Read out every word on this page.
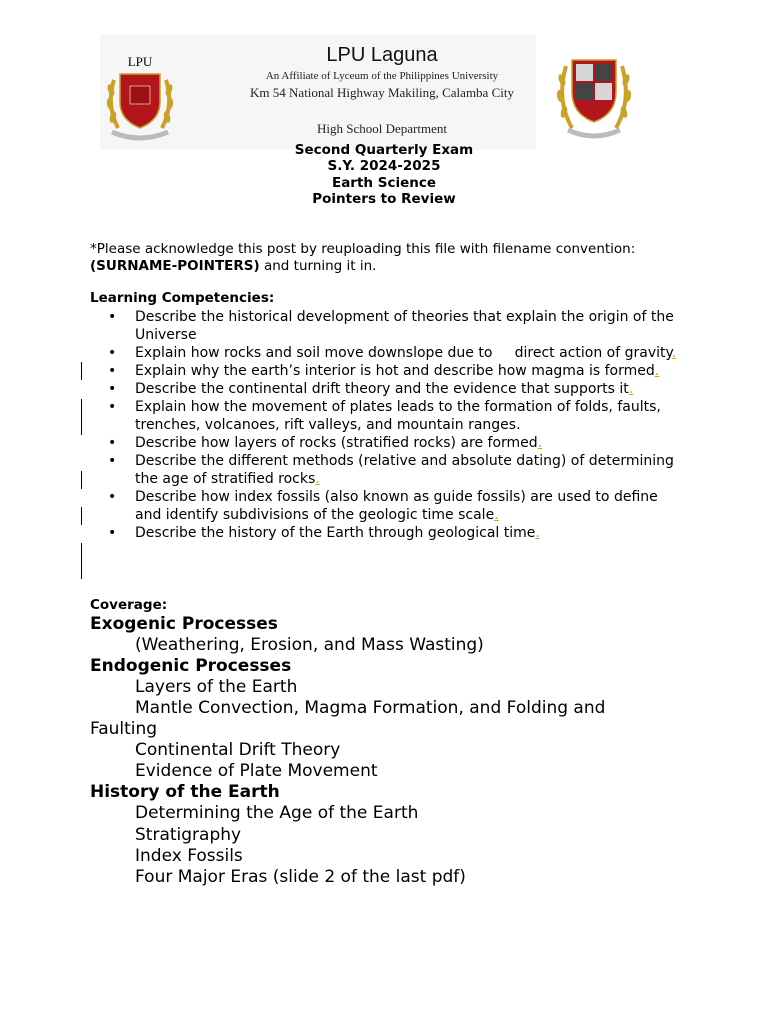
LPU	LPU Laguna
An Affiliate of Lyceum of the Philippines University
Km 54 National Highway Makiling, Calamba City
High School Department
Second Quarterly Exam
S.Y. 2024-2025
Earth Science
Pointers to Review
*Please acknowledge this post by reuploading this file with filename convention:
(SURNAME-POINTERS) and turning it in.
Learning Competencies:
• Describe the historical development of theories that explain the origin of the Universe
• Explain how rocks and soil move downslope due to     direct action of gravity.
• Explain why the earth’s interior is hot and describe how magma is formed.
• Describe the continental drift theory and the evidence that supports it.
• Explain how the movement of plates leads to the formation of folds, faults, trenches, volcanoes, rift valleys, and mountain ranges.
• Describe how layers of rocks (stratified rocks) are formed.
• Describe the different methods (relative and absolute dating) of determining the age of stratified rocks.
• Describe how index fossils (also known as guide fossils) are used to define and identify subdivisions of the geologic time scale.
• Describe the history of the Earth through geological time.
Coverage:
Exogenic Processes
(Weathering, Erosion, and Mass Wasting)
Endogenic Processes
Layers of the Earth
Mantle Convection, Magma Formation, and Folding and
Faulting
Continental Drift Theory
Evidence of Plate Movement
History of the Earth
Determining the Age of the Earth
Stratigraphy
Index Fossils
Four Major Eras (slide 2 of the last pdf)
